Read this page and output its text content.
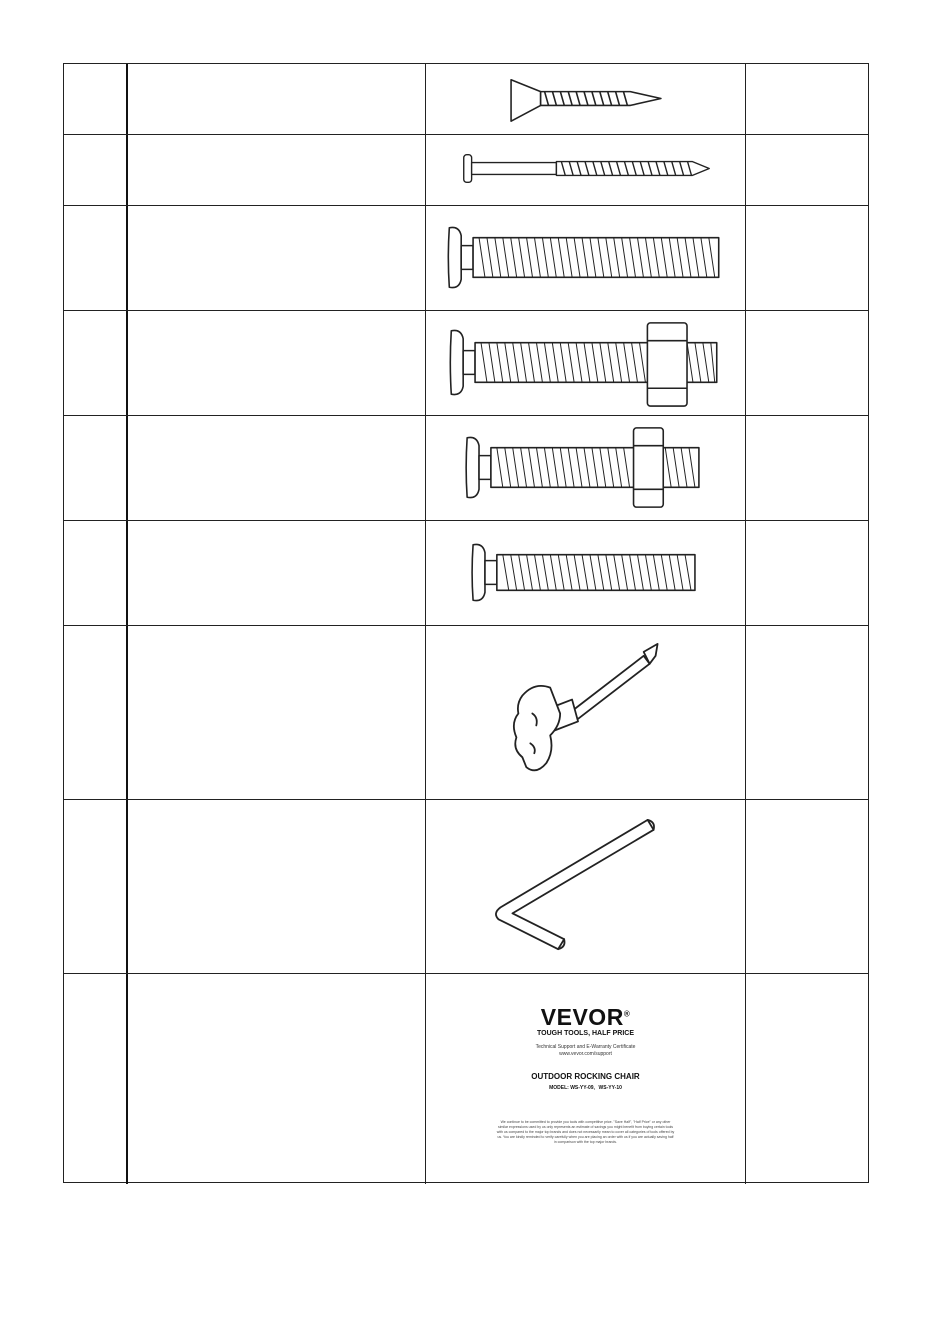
VEVOR®
TOUGH TOOLS, HALF PRICE
Technical Support and E-Warranty Certificate
www.vevor.com/support
OUTDOOR ROCKING CHAIR
MODEL: WS-YY-09、WS-YY-10
We continue to be committed to provide you tools with competitive price. "Save Half", "Half Price" or any other similar expressions used by us only represents an estimate of savings you might benefit from buying certain tools with us compared to the major top brands and does not necessarily mean to cover all categories of tools offered by us. You are kindly reminded to verify carefully when you are placing an order with us if you are actually saving half in comparison with the top major brands.
